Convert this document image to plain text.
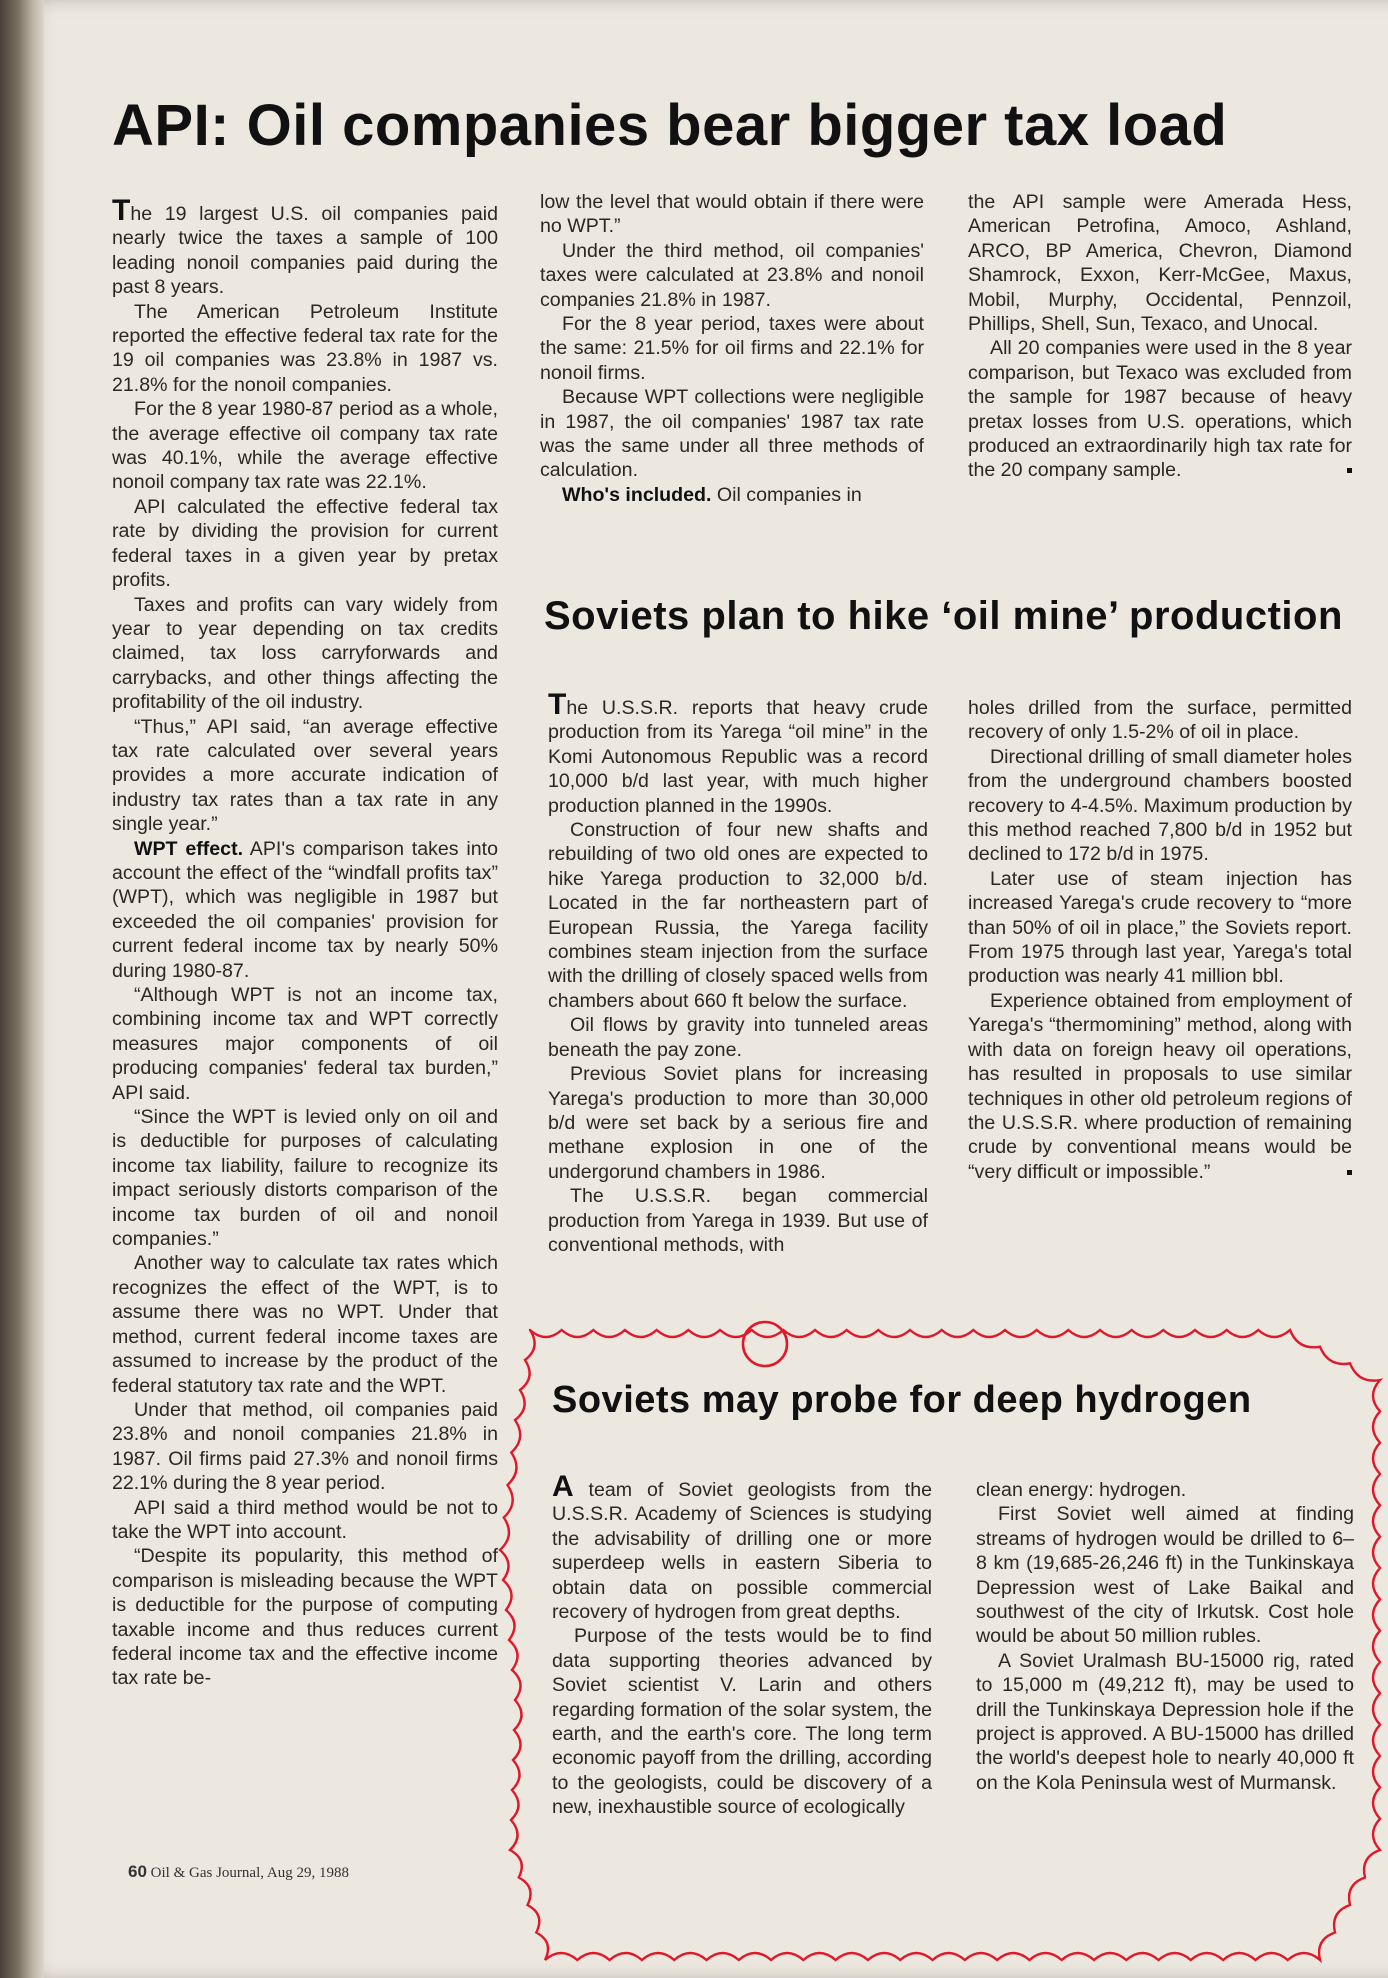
API: Oil companies bear bigger tax load

The 19 largest U.S. oil companies paid nearly twice the taxes a sample of 100 leading nonoil companies paid during the past 8 years.

The American Petroleum Institute reported the effective federal tax rate for the 19 oil companies was 23.8% in 1987 vs. 21.8% for the nonoil companies.

For the 8 year 1980-87 period as a whole, the average effective oil company tax rate was 40.1%, while the average effective nonoil company tax rate was 22.1%.

API calculated the effective federal tax rate by dividing the provision for current federal taxes in a given year by pretax profits.

Taxes and profits can vary widely from year to year depending on tax credits claimed, tax loss carryforwards and carrybacks, and other things affecting the profitability of the oil industry.

“Thus,” API said, “an average effective tax rate calculated over several years provides a more accurate indication of industry tax rates than a tax rate in any single year.”

WPT effect. API's comparison takes into account the effect of the “windfall profits tax” (WPT), which was negligible in 1987 but exceeded the oil companies' provision for current federal income tax by nearly 50% during 1980-87.

“Although WPT is not an income tax, combining income tax and WPT correctly measures major components of oil producing companies' federal tax burden,” API said.

“Since the WPT is levied only on oil and is deductible for purposes of calculating income tax liability, failure to recognize its impact seriously distorts comparison of the income tax burden of oil and nonoil companies.”

Another way to calculate tax rates which recognizes the effect of the WPT, is to assume there was no WPT. Under that method, current federal income taxes are assumed to increase by the product of the federal statutory tax rate and the WPT.

Under that method, oil companies paid 23.8% and nonoil companies 21.8% in 1987. Oil firms paid 27.3% and nonoil firms 22.1% during the 8 year period.

API said a third method would be not to take the WPT into account.

“Despite its popularity, this method of comparison is misleading because the WPT is deductible for the purpose of computing taxable income and thus reduces current federal income tax and the effective income tax rate be-

low the level that would obtain if there were no WPT.”

Under the third method, oil companies' taxes were calculated at 23.8% and nonoil companies 21.8% in 1987.

For the 8 year period, taxes were about the same: 21.5% for oil firms and 22.1% for nonoil firms.

Because WPT collections were negligible in 1987, the oil companies' 1987 tax rate was the same under all three methods of calculation.

Who's included. Oil companies in

the API sample were Amerada Hess, American Petrofina, Amoco, Ashland, ARCO, BP America, Chevron, Diamond Shamrock, Exxon, Kerr-McGee, Maxus, Mobil, Murphy, Occidental, Pennzoil, Phillips, Shell, Sun, Texaco, and Unocal.

All 20 companies were used in the 8 year comparison, but Texaco was excluded from the sample for 1987 because of heavy pretax losses from U.S. operations, which produced an extraordinarily high tax rate for the 20 company sample.

Soviets plan to hike ‘oil mine’ production

The U.S.S.R. reports that heavy crude production from its Yarega “oil mine” in the Komi Autonomous Republic was a record 10,000 b/d last year, with much higher production planned in the 1990s.

Construction of four new shafts and rebuilding of two old ones are expected to hike Yarega production to 32,000 b/d. Located in the far northeastern part of European Russia, the Yarega facility combines steam injection from the surface with the drilling of closely spaced wells from chambers about 660 ft below the surface.

Oil flows by gravity into tunneled areas beneath the pay zone.

Previous Soviet plans for increasing Yarega's production to more than 30,000 b/d were set back by a serious fire and methane explosion in one of the undergorund chambers in 1986.

The U.S.S.R. began commercial production from Yarega in 1939. But use of conventional methods, with

holes drilled from the surface, permitted recovery of only 1.5-2% of oil in place.

Directional drilling of small diameter holes from the underground chambers boosted recovery to 4-4.5%. Maximum production by this method reached 7,800 b/d in 1952 but declined to 172 b/d in 1975.

Later use of steam injection has increased Yarega's crude recovery to “more than 50% of oil in place,” the Soviets report. From 1975 through last year, Yarega's total production was nearly 41 million bbl.

Experience obtained from employment of Yarega's “thermomining” method, along with with data on foreign heavy oil operations, has resulted in proposals to use similar techniques in other old petroleum regions of the U.S.S.R. where production of remaining crude by conventional means would be “very difficult or impossible.”

Soviets may probe for deep hydrogen

A team of Soviet geologists from the U.S.S.R. Academy of Sciences is studying the advisability of drilling one or more superdeep wells in eastern Siberia to obtain data on possible commercial recovery of hydrogen from great depths.

Purpose of the tests would be to find data supporting theories advanced by Soviet scientist V. Larin and others regarding formation of the solar system, the earth, and the earth's core. The long term economic payoff from the drilling, according to the geologists, could be discovery of a new, inexhaustible source of ecologically

clean energy: hydrogen.

First Soviet well aimed at finding streams of hydrogen would be drilled to 6–8 km (19,685-26,246 ft) in the Tunkinskaya Depression west of Lake Baikal and southwest of the city of Irkutsk. Cost hole would be about 50 million rubles.

A Soviet Uralmash BU-15000 rig, rated to 15,000 m (49,212 ft), may be used to drill the Tunkinskaya Depression hole if the project is approved. A BU-15000 has drilled the world's deepest hole to nearly 40,000 ft on the Kola Peninsula west of Murmansk.

60 Oil & Gas Journal, Aug 29, 1988
